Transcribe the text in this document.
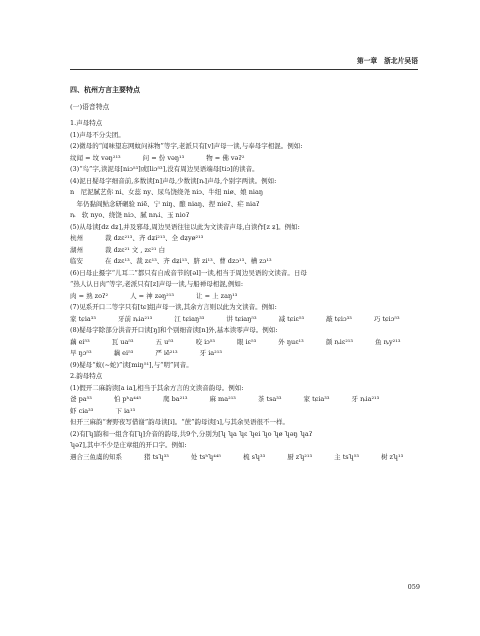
第一章　浙北片吴语
四、杭州方言主要特点
(一)语音特点
1.声母特点
(1)声母不分尖团。
(2)微母的“闻味望忘网蚊问袜物”等字,老派只有[v]声母一读,与奉母字相混。例如:
纹闻 = 坟 vəŋ²¹³	问 = 份 vəŋ¹³	物 = 佛 vəʔ²
(3)“鸟”字,读泥母[niɔ⁵³]或[liɔ⁵³],没有周边吴语端母[tiɔ]的读音。
(4)泥日疑母字细音前,多数读[n]声母,少数读[ȵ]声母,个别字两读。例如:
n　尼泥腻艺你 ni、女蕊 ny、尿鸟饶绕尧 niɔ、牛纽 niø、娘 niaŋ
　年仍黏阎鲇念研碾验 niẽ、宁 niŋ、酿 niaŋ、捏 nieʔ、疟 niaʔ
ȵ　软 nyo、绕饶 niɔ、腻 nȵi、玉 nioʔ
(5)从母读[dz dʑ],并及邪母,周边吴语往往以此为文读音声母,白读作[z ʑ]。例如:
杭州	裁 dzɛ²¹³、齐 dʑi²¹³、全 dʑyø²¹³
湖州	裁 dzɛ²¹ 文 , zɛ²¹ 白
临安	在 dzɛ¹³、裁 zɛ¹³、齐 dʑi¹³、脐 zi¹³、曹 dzɔ¹³、槽 zɔ¹³
(6)日母止摄字“儿耳二”都只有自成音节的[əl]一读,相当于周边吴语的文读音。日母
“热人认日肉”等字,老派只有[z]声母一读,与船禅母相混,例如:
肉 = 熟 zoʔ²	人 = 神 zəŋ²¹³	让 = 上 zaŋ¹³
(7)见系开口二等字只有[tɕ]组声母一读,其余方言则以此为文读音。例如:
家 tɕia³³	牙前 ȵia²¹³	江 tɕiaŋ³³	讲 tɕiaŋ⁵³	减 tɕiɛ⁵³	敲 tɕiɔ³³	巧 tɕiɔ⁵³
(8)疑母字除部分洪音开口读[ŋ]和个别细音读[n]外,基本读零声母。例如:
藕 ei⁵³	瓦 ua⁵³	五 u⁵³	咬 iɔ⁵³	眼 iɛ⁵³	外 ŋuɛ¹³	颜 ȵiɛ²¹³	鱼 ȵy²¹³
早 ŋɔ⁵³	藕 ei⁵³	严 iẽ²¹³	牙 ia²¹³
(9)疑母“蚁(~蛇)”读[miŋ⁵¹],与“明”同音。
2.韵母特点
(1)假开二麻韵读[a ia],相当于其余方言的文读音韵母。例如:
爸 pa⁵³	怕 pʰa⁴⁴⁵	爬 ba²¹³	麻 ma²¹³	茶 tsa³³	家 tɕia³³	牙 ȵia²¹³
虾 cia³³	下 ia¹³
但开三麻韵“奢野夜写借谢”韵母读[i]。“蔗”韵母读[ɿ],与其余吴语很不一样。
(2)有[ʮ]韵和一组含有[ʮ]介音的韵母,共9个,分别为[ʮ ʮa ʮɛ ʮei ʮo ʮø ʮəŋ ʮaʔ
ʮəʔ],其中不少是庄章组的开口字。例如:
遇合三鱼虞的知系	猪 tsʮ³³	处 tsʰʮ⁴⁴⁵	梳 sʮ³³	厨 zʮ²¹³	主 tsʮ⁵³	树 zʮ¹³
059
